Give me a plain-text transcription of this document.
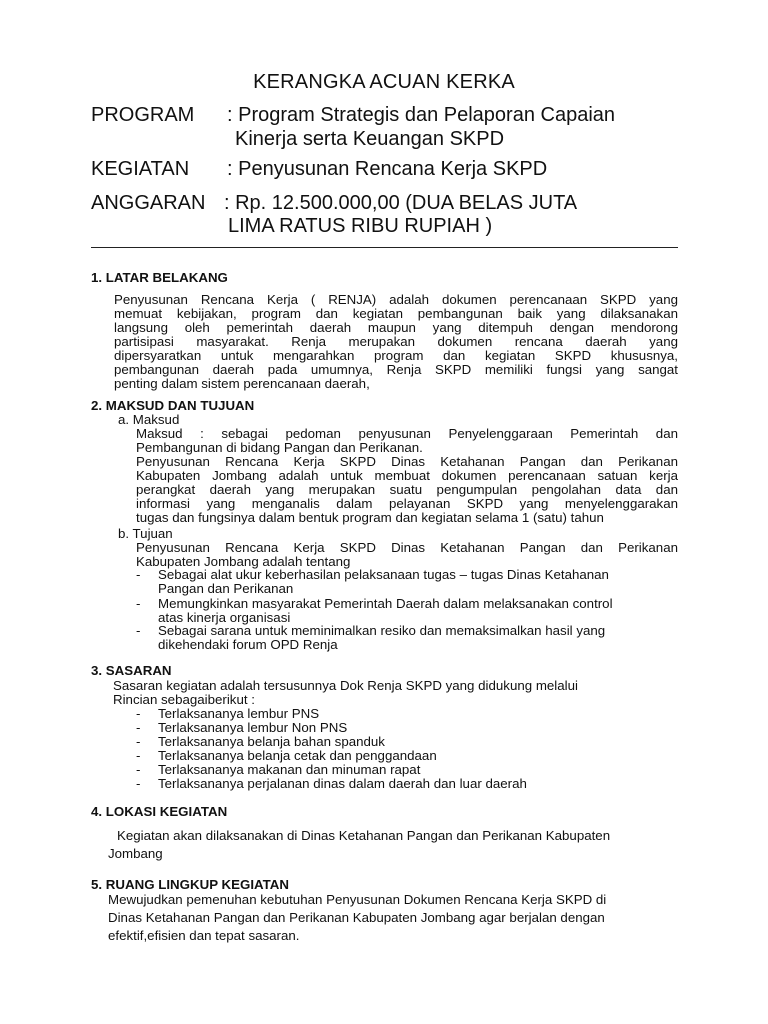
KERANGKA ACUAN KERKA
PROGRAM : Program Strategis dan Pelaporan Capaian
Kinerja serta Keuangan SKPD
KEGIATAN : Penyusunan Rencana Kerja SKPD
ANGGARAN : Rp. 12.500.000,00 (DUA BELAS JUTA
LIMA RATUS RIBU RUPIAH )
1. LATAR BELAKANG
Penyusunan Rencana Kerja ( RENJA) adalah dokumen perencanaan SKPD yang
memuat kebijakan, program dan kegiatan pembangunan baik yang dilaksanakan
langsung oleh pemerintah daerah maupun yang ditempuh dengan mendorong
partisipasi masyarakat. Renja merupakan dokumen rencana daerah yang
dipersyaratkan untuk mengarahkan program dan kegiatan SKPD khususnya,
pembangunan daerah pada umumnya, Renja SKPD memiliki fungsi yang sangat
penting dalam sistem perencanaan daerah,
2. MAKSUD DAN TUJUAN
a. Maksud
Maksud : sebagai pedoman penyusunan Penyelenggaraan Pemerintah dan
Pembangunan di bidang Pangan dan Perikanan.
Penyusunan Rencana Kerja SKPD Dinas Ketahanan Pangan dan Perikanan
Kabupaten Jombang adalah untuk membuat dokumen perencanaan satuan kerja
perangkat daerah yang merupakan suatu pengumpulan pengolahan data dan
informasi yang menganalis dalam pelayanan SKPD yang menyelenggarakan
tugas dan fungsinya dalam bentuk program dan kegiatan selama 1 (satu) tahun
b. Tujuan
Penyusunan Rencana Kerja SKPD Dinas Ketahanan Pangan dan Perikanan
Kabupaten Jombang adalah tentang
- Sebagai alat ukur keberhasilan pelaksanaan tugas – tugas Dinas Ketahanan
Pangan dan Perikanan
- Memungkinkan masyarakat Pemerintah Daerah dalam melaksanakan control
atas kinerja organisasi
- Sebagai sarana untuk meminimalkan resiko dan memaksimalkan hasil yang
dikehendaki forum OPD Renja
3. SASARAN
Sasaran kegiatan adalah tersusunnya Dok Renja SKPD yang didukung melalui
Rincian sebagaiberikut :
- Terlaksananya lembur PNS
- Terlaksananya lembur Non PNS
- Terlaksananya belanja bahan spanduk
- Terlaksananya belanja cetak dan penggandaan
- Terlaksananya makanan dan minuman rapat
- Terlaksananya perjalanan dinas dalam daerah dan luar daerah
4. LOKASI KEGIATAN
Kegiatan akan dilaksanakan di Dinas Ketahanan Pangan dan Perikanan Kabupaten
Jombang
5. RUANG LINGKUP KEGIATAN
Mewujudkan pemenuhan kebutuhan Penyusunan Dokumen Rencana Kerja SKPD di
Dinas Ketahanan Pangan dan Perikanan Kabupaten Jombang agar berjalan dengan
efektif,efisien dan tepat sasaran.
